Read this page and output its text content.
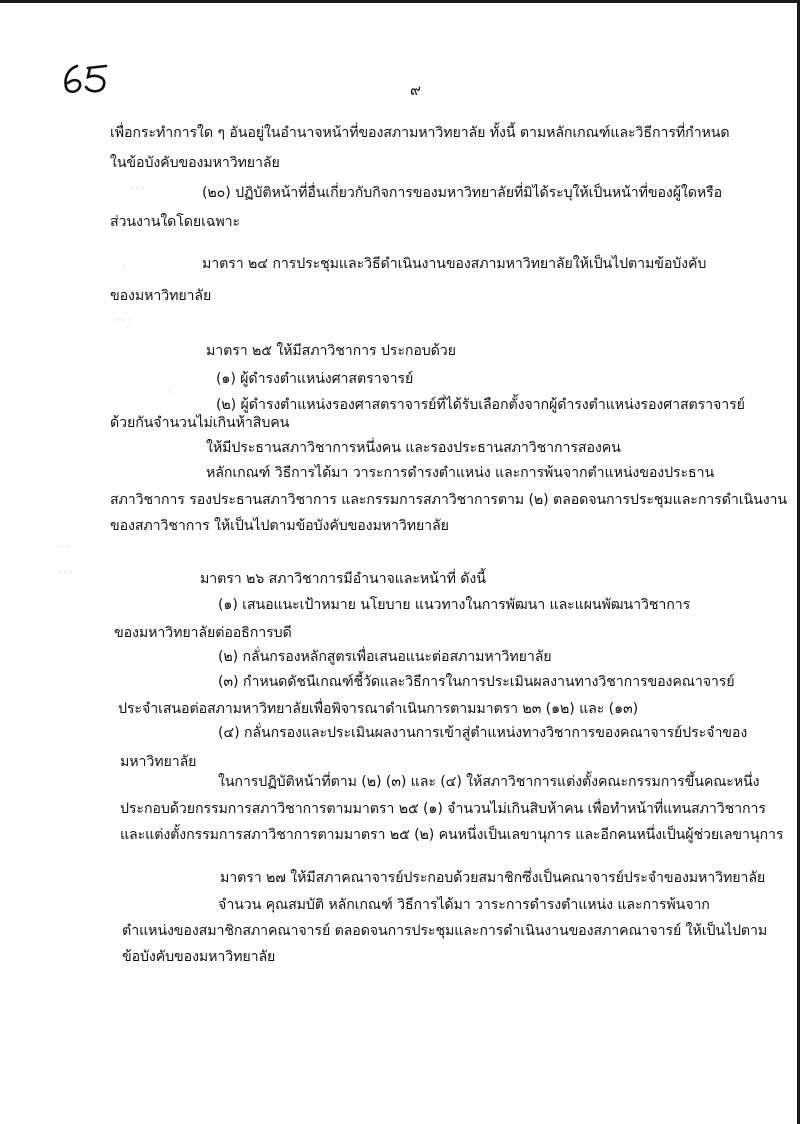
๙
เพื่อกระทำการใด ๆ อันอยู่ในอำนาจหน้าที่ของสภามหาวิทยาลัย ทั้งนี้ ตามหลักเกณฑ์และวิธีการที่กำหนด
ในข้อบังคับของมหาวิทยาลัย
(๒๐) ปฏิบัติหน้าที่อื่นเกี่ยวกับกิจการของมหาวิทยาลัยที่มิได้ระบุให้เป็นหน้าที่ของผู้ใดหรือ
ส่วนงานใดโดยเฉพาะ
มาตรา ๒๔ การประชุมและวิธีดำเนินงานของสภามหาวิทยาลัยให้เป็นไปตามข้อบังคับ
ของมหาวิทยาลัย
มาตรา ๒๕ ให้มีสภาวิชาการ ประกอบด้วย
(๑) ผู้ดำรงตำแหน่งศาสตราจารย์
(๒) ผู้ดำรงตำแหน่งรองศาสตราจารย์ที่ได้รับเลือกตั้งจากผู้ดำรงตำแหน่งรองศาสตราจารย์
ด้วยกันจำนวนไม่เกินห้าสิบคน
ให้มีประธานสภาวิชาการหนึ่งคน และรองประธานสภาวิชาการสองคน
หลักเกณฑ์ วิธีการได้มา วาระการดำรงตำแหน่ง และการพ้นจากตำแหน่งของประธาน
สภาวิชาการ รองประธานสภาวิชาการ และกรรมการสภาวิชาการตาม (๒) ตลอดจนการประชุมและการดำเนินงาน
ของสภาวิชาการ ให้เป็นไปตามข้อบังคับของมหาวิทยาลัย
มาตรา ๒๖ สภาวิชาการมีอำนาจและหน้าที่ ดังนี้
(๑) เสนอแนะเป้าหมาย นโยบาย แนวทางในการพัฒนา และแผนพัฒนาวิชาการ
ของมหาวิทยาลัยต่ออธิการบดี
(๒) กลั่นกรองหลักสูตรเพื่อเสนอแนะต่อสภามหาวิทยาลัย
(๓) กำหนดดัชนีเกณฑ์ชี้วัดและวิธีการในการประเมินผลงานทางวิชาการของคณาจารย์
ประจำเสนอต่อสภามหาวิทยาลัยเพื่อพิจารณาดำเนินการตามมาตรา ๒๓ (๑๒) และ (๑๓)
(๔) กลั่นกรองและประเมินผลงานการเข้าสู่ตำแหน่งทางวิชาการของคณาจารย์ประจำของ
มหาวิทยาลัย
ในการปฏิบัติหน้าที่ตาม (๒) (๓) และ (๔) ให้สภาวิชาการแต่งตั้งคณะกรรมการขึ้นคณะหนึ่ง
ประกอบด้วยกรรมการสภาวิชาการตามมาตรา ๒๕ (๑) จำนวนไม่เกินสิบห้าคน เพื่อทำหน้าที่แทนสภาวิชาการ
และแต่งตั้งกรรมการสภาวิชาการตามมาตรา ๒๕ (๒) คนหนึ่งเป็นเลขานุการ และอีกคนหนึ่งเป็นผู้ช่วยเลขานุการ
มาตรา ๒๗ ให้มีสภาคณาจารย์ประกอบด้วยสมาชิกซึ่งเป็นคณาจารย์ประจำของมหาวิทยาลัย
จำนวน คุณสมบัติ หลักเกณฑ์ วิธีการได้มา วาระการดำรงตำแหน่ง และการพ้นจาก
ตำแหน่งของสมาชิกสภาคณาจารย์ ตลอดจนการประชุมและการดำเนินงานของสภาคณาจารย์ ให้เป็นไปตาม
ข้อบังคับของมหาวิทยาลัย
· · ·
·
· · ·
·
· ·
· · ·
